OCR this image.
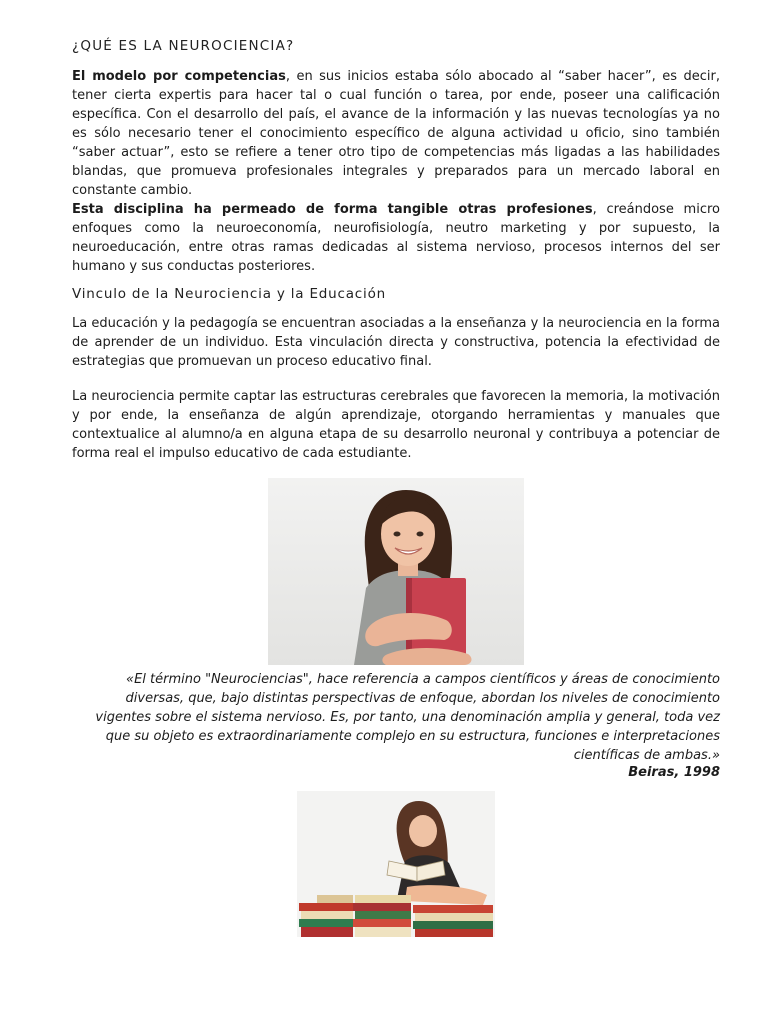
¿QUÉ ES LA NEUROCIENCIA?

El modelo por competencias, en sus inicios estaba sólo abocado al “saber hacer”, es decir, tener cierta expertis para hacer tal o cual función o tarea, por ende, poseer una calificación específica. Con el desarrollo del país, el avance de la información y las nuevas tecnologías ya no es sólo necesario tener el conocimiento específico de alguna actividad u oficio, sino también “saber actuar”, esto se refiere a tener otro tipo de competencias más ligadas a las habilidades blandas, que promueva profesionales integrales y preparados para un mercado laboral en constante cambio.

Esta disciplina ha permeado de forma tangible otras profesiones, creándose micro enfoques como la neuroeconomía, neurofisiología, neutro marketing y por supuesto, la neuroeducación, entre otras ramas dedicadas al sistema nervioso, procesos internos del ser humano y sus conductas posteriores.

Vinculo de la Neurociencia y la Educación

La educación y la pedagogía se encuentran asociadas a la enseñanza y la neurociencia en la forma de aprender de un individuo. Esta vinculación directa y constructiva, potencia la efectividad de estrategias que promuevan un proceso educativo final.

La neurociencia permite captar las estructuras cerebrales que favorecen la memoria, la motivación y por ende, la enseñanza de algún aprendizaje, otorgando herramientas y manuales que contextualice al alumno/a en alguna etapa de su desarrollo neuronal y contribuya a potenciar de forma real el impulso educativo de cada estudiante.

«El término "Neurociencias", hace referencia a campos científicos y áreas de conocimiento diversas, que, bajo distintas perspectivas de enfoque, abordan los niveles de conocimiento vigentes sobre el sistema nervioso. Es, por tanto, una denominación amplia y general, toda vez que su objeto es extraordinariamente complejo en su estructura, funciones e interpretaciones científicas de ambas.»
Beiras, 1998
